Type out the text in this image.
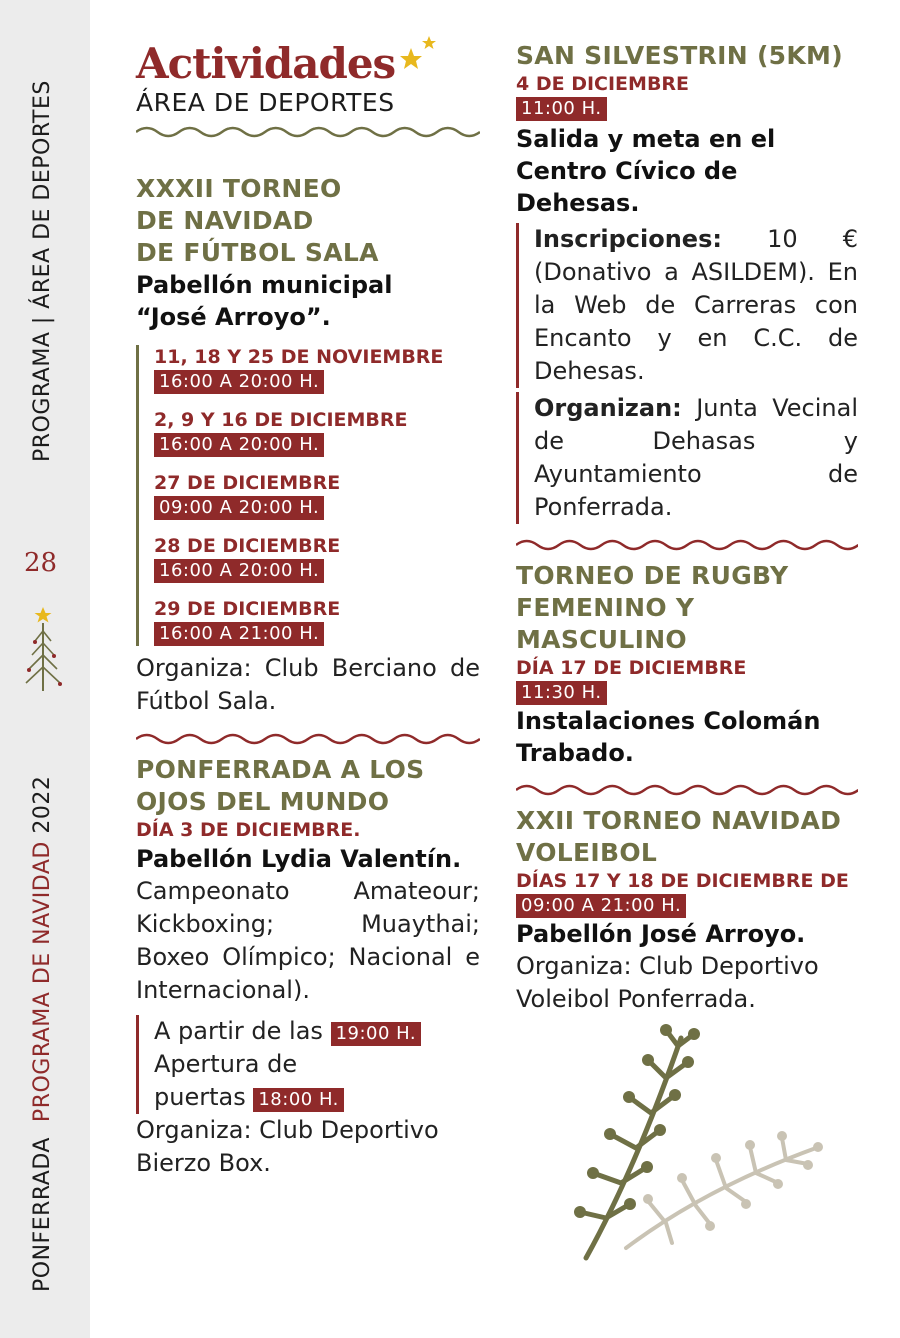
PROGRAMA | ÁREA DE DEPORTES
28
PONFERRADA  PROGRAMA DE NAVIDAD 2022
Actividades
ÁREA DE DEPORTES
XXXII TORNEO
DE NAVIDAD
DE FÚTBOL SALA
Pabellón municipal
“José Arroyo”.
11, 18 Y 25 DE NOVIEMBRE
16:00 A 20:00 H.
2, 9 Y 16 DE DICIEMBRE
16:00 A 20:00 H.
27 DE DICIEMBRE
09:00 A 20:00 H.
28 DE DICIEMBRE
16:00 A 20:00 H.
29 DE DICIEMBRE
16:00 A 21:00 H.
Organiza: Club Berciano de Fútbol Sala.
PONFERRADA A LOS
OJOS DEL MUNDO
DÍA 3 DE DICIEMBRE.
Pabellón Lydia Valentín.
Campeonato Amateour; Kickboxing; Muaythai; Boxeo Olímpico; Nacional e Internacional).
A partir de las 19:00 H.
Apertura de
puertas 18:00 H.
Organiza: Club Deportivo Bierzo Box.
SAN SILVESTRIN (5KM)
4 DE DICIEMBRE
11:00 H.
Salida y meta en el Centro Cívico de Dehesas.
Inscripciones: 10 € (Donativo a ASILDEM). En la Web de Carreras con Encanto y en C.C. de Dehesas.
Organizan: Junta Vecinal de Dehasas y Ayuntamiento de Ponferrada.
TORNEO DE RUGBY
FEMENINO Y
MASCULINO
DÍA 17 DE DICIEMBRE
11:30 H.
Instalaciones Colomán Trabado.
XXII TORNEO NAVIDAD
VOLEIBOL
DÍAS 17 Y 18 DE DICIEMBRE DE
09:00 A 21:00 H.
Pabellón José Arroyo.
Organiza: Club Deportivo Voleibol Ponferrada.
